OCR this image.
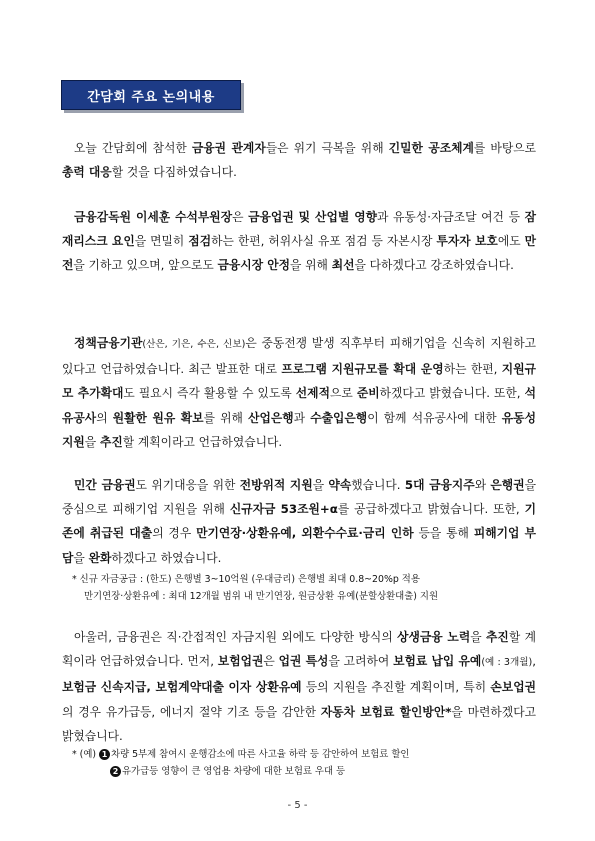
간담회 주요 논의내용

오늘 간담회에 참석한 금융권 관계자들은 위기 극복을 위해 긴밀한 공조체계를 바탕으로 총력 대응할 것을 다짐하였습니다.

금융감독원 이세훈 수석부원장은 금융업권 및 산업별 영향과 유동성·자금조달 여건 등 잠재리스크 요인을 면밀히 점검하는 한편, 허위사실 유포 점검 등 자본시장 투자자 보호에도 만전을 기하고 있으며, 앞으로도 금융시장 안정을 위해 최선을 다하겠다고 강조하였습니다.

정책금융기관(산은, 기은, 수은, 신보)은 중동전쟁 발생 직후부터 피해기업을 신속히 지원하고 있다고 언급하였습니다. 최근 발표한 대로 프로그램 지원규모를 확대 운영하는 한편, 지원규모 추가확대도 필요시 즉각 활용할 수 있도록 선제적으로 준비하겠다고 밝혔습니다. 또한, 석유공사의 원활한 원유 확보를 위해 산업은행과 수출입은행이 함께 석유공사에 대한 유동성 지원을 추진할 계획이라고 언급하였습니다.

민간 금융권도 위기대응을 위한 전방위적 지원을 약속했습니다. 5대 금융지주와 은행권을 중심으로 피해기업 지원을 위해 신규자금 53조원+α를 공급하겠다고 밝혔습니다. 또한, 기존에 취급된 대출의 경우 만기연장·상환유예, 외환수수료·금리 인하 등을 통해 피해기업 부담을 완화하겠다고 하였습니다.

* 신규 자금공급 : (한도) 은행별 3~10억원 (우대금리) 은행별 최대 0.8~20%p 적용
만기연장·상환유예 : 최대 12개월 범위 내 만기연장, 원금상환 유예(분할상환대출) 지원

아울러, 금융권은 직·간접적인 자금지원 외에도 다양한 방식의 상생금융 노력을 추진할 계획이라 언급하였습니다. 먼저, 보험업권은 업권 특성을 고려하여 보험료 납입 유예(예 : 3개월), 보험금 신속지급, 보험계약대출 이자 상환유예 등의 지원을 추진할 계획이며, 특히 손보업권의 경우 유가급등, 에너지 절약 기조 등을 감안한 자동차 보험료 할인방안*을 마련하겠다고 밝혔습니다.

* (예) 1 차량 5부제 참여시 운행감소에 따른 사고율 하락 등 감안하여 보험료 할인
2 유가급등 영향이 큰 영업용 차량에 대한 보험료 우대 등
- 5 -
